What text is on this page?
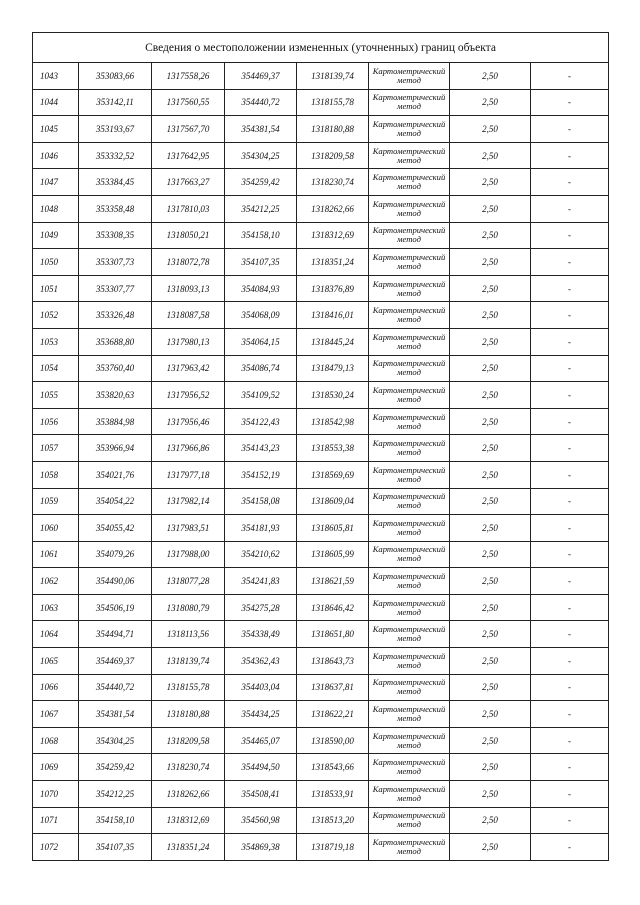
Сведения о местоположении измененных (уточненных) границ объекта							
1043	353083,66	1317558,26	354469,37	1318139,74	Картометрический метод	2,50	-
1044	353142,11	1317560,55	354440,72	1318155,78	Картометрический метод	2,50	-
1045	353193,67	1317567,70	354381,54	1318180,88	Картометрический метод	2,50	-
1046	353332,52	1317642,95	354304,25	1318209,58	Картометрический метод	2,50	-
1047	353384,45	1317663,27	354259,42	1318230,74	Картометрический метод	2,50	-
1048	353358,48	1317810,03	354212,25	1318262,66	Картометрический метод	2,50	-
1049	353308,35	1318050,21	354158,10	1318312,69	Картометрический метод	2,50	-
1050	353307,73	1318072,78	354107,35	1318351,24	Картометрический метод	2,50	-
1051	353307,77	1318093,13	354084,93	1318376,89	Картометрический метод	2,50	-
1052	353326,48	1318087,58	354068,09	1318416,01	Картометрический метод	2,50	-
1053	353688,80	1317980,13	354064,15	1318445,24	Картометрический метод	2,50	-
1054	353760,40	1317963,42	354086,74	1318479,13	Картометрический метод	2,50	-
1055	353820,63	1317956,52	354109,52	1318530,24	Картометрический метод	2,50	-
1056	353884,98	1317956,46	354122,43	1318542,98	Картометрический метод	2,50	-
1057	353966,94	1317966,86	354143,23	1318553,38	Картометрический метод	2,50	-
1058	354021,76	1317977,18	354152,19	1318569,69	Картометрический метод	2,50	-
1059	354054,22	1317982,14	354158,08	1318609,04	Картометрический метод	2,50	-
1060	354055,42	1317983,51	354181,93	1318605,81	Картометрический метод	2,50	-
1061	354079,26	1317988,00	354210,62	1318605,99	Картометрический метод	2,50	-
1062	354490,06	1318077,28	354241,83	1318621,59	Картометрический метод	2,50	-
1063	354506,19	1318080,79	354275,28	1318646,42	Картометрический метод	2,50	-
1064	354494,71	1318113,56	354338,49	1318651,80	Картометрический метод	2,50	-
1065	354469,37	1318139,74	354362,43	1318643,73	Картометрический метод	2,50	-
1066	354440,72	1318155,78	354403,04	1318637,81	Картометрический метод	2,50	-
1067	354381,54	1318180,88	354434,25	1318622,21	Картометрический метод	2,50	-
1068	354304,25	1318209,58	354465,07	1318590,00	Картометрический метод	2,50	-
1069	354259,42	1318230,74	354494,50	1318543,66	Картометрический метод	2,50	-
1070	354212,25	1318262,66	354508,41	1318533,91	Картометрический метод	2,50	-
1071	354158,10	1318312,69	354560,98	1318513,20	Картометрический метод	2,50	-
1072	354107,35	1318351,24	354869,38	1318719,18	Картометрический метод	2,50	-
